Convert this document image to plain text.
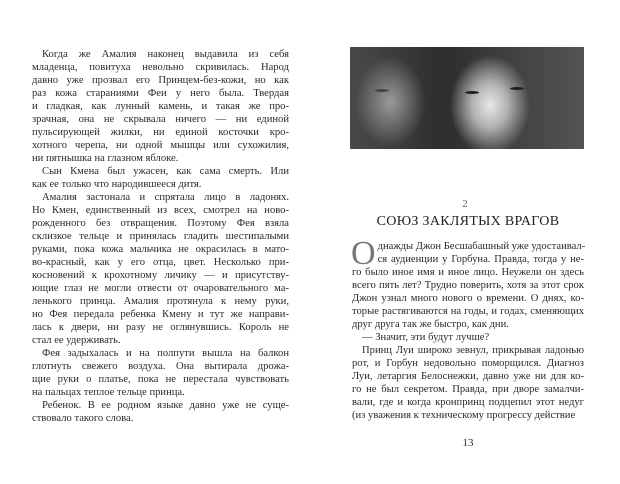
Когда же Амалия наконец выдавила из себя
младенца, повитуха невольно скривилась. Народ
давно уже прозвал его Принцем-без-кожи, но как
раз кожа стараниями Феи у него была. Твердая
и гладкая, как лунный камень, и такая же про-
зрачная, она не скрывала ничего — ни единой
пульсирующей жилки, ни единой косточки кро-
хотного черепа, ни одной мышцы или сухожилия,
ни пятнышка на глазном яблоке.
Сын Кмена был ужасен, как сама смерть. Или
как ее только что народившееся дитя.
Амалия застонала и спрятала лицо в ладонях.
Но Кмен, единственный из всех, смотрел на ново-
рожденного без отвращения. Поэтому Фея взяла
склизкое тельце и принялась гладить шестипалыми
руками, пока кожа мальчика не окрасилась в мато-
во-красный, как у его отца, цвет. Несколько при-
косновений к крохотному личику — и присутству-
ющие глаз не могли отвести от очаровательного ма-
ленького принца. Амалия протянула к нему руки,
но Фея передала ребенка Кмену и тут же направи-
лась к двери, ни разу не оглянувшись. Король не
стал ее удерживать.
Фея задыхалась и на полпути вышла на балкон
глотнуть свежего воздуха. Она вытирала дрожа-
щие руки о платье, пока не перестала чувствовать
на пальцах теплое тельце принца.
Ребенок. В ее родном языке давно уже не суще-
ствовало такого слова.
2
СОЮЗ ЗАКЛЯТЫХ ВРАГОВ
О днажды Джон Бесшабашный уже удостаивал-
ся аудиенции у Горбуна. Правда, тогда у не-
го было иное имя и иное лицо. Неужели он здесь
всего пять лет? Трудно поверить, хотя за этот срок
Джон узнал много нового о времени. О днях, ко-
торые растягиваются на годы, и годах, сменяющих
друг друга так же быстро, как дни.
— Значит, эти будут лучше?
Принц Луи широко зевнул, прикрывая ладонью
рот, и Горбун недовольно поморщился. Диагноз
Луи, летаргия Белоснежки, давно уже ни для ко-
го не был секретом. Правда, при дворе замалчи-
вали, где и когда кронпринц подцепил этот недуг
(из уважения к техническому прогрессу действие
13
